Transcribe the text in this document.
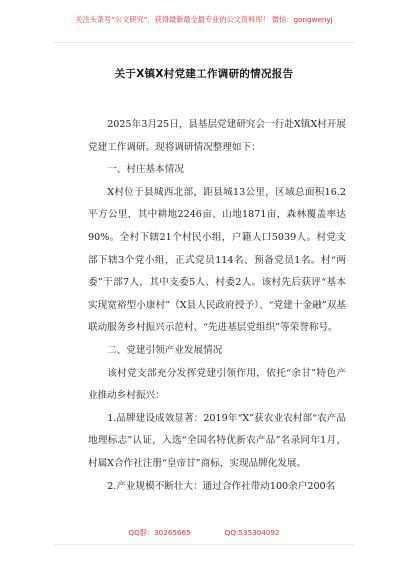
关注头条号“公文研究”，获得最新最全最专业的公文资料库！ 微信：gongwenyj
关于X镇X村党建工作调研的情况报告

2025年3月25日，县基层党建研究会一行赴X镇X村开展党建工作调研。现将调研情况整理如下：

一、村庄基本情况

X村位于县城西北部，距县城13公里，区域总面积16.2平方公里，其中耕地2246亩、山地1871亩，森林覆盖率达90%。全村下辖21个村民小组，户籍人口5039人。村党支部下辖3个党小组，正式党员114名、预备党员1名。村“两委”干部7人，其中支委5人、村委2人。该村先后获评“基本实现宽裕型小康村”（X县人民政府授予）、“党建十金融”双基联动服务乡村振兴示范村、“先进基层党组织”等荣誉称号。

二、党建引领产业发展情况

该村党支部充分发挥党建引领作用，依托“余甘”特色产业推动乡村振兴：

1.品牌建设成效显著：2019年“X”获农业农村部“农产品地理标志”认证，入选“全国名特优新农产品”名录同年1月，村属X合作社注册“皇帝甘”商标，实现品牌化发展。

2.产业规模不断壮大：通过合作社带动100余户200名

QQ群：30265665	QQ:535304092
